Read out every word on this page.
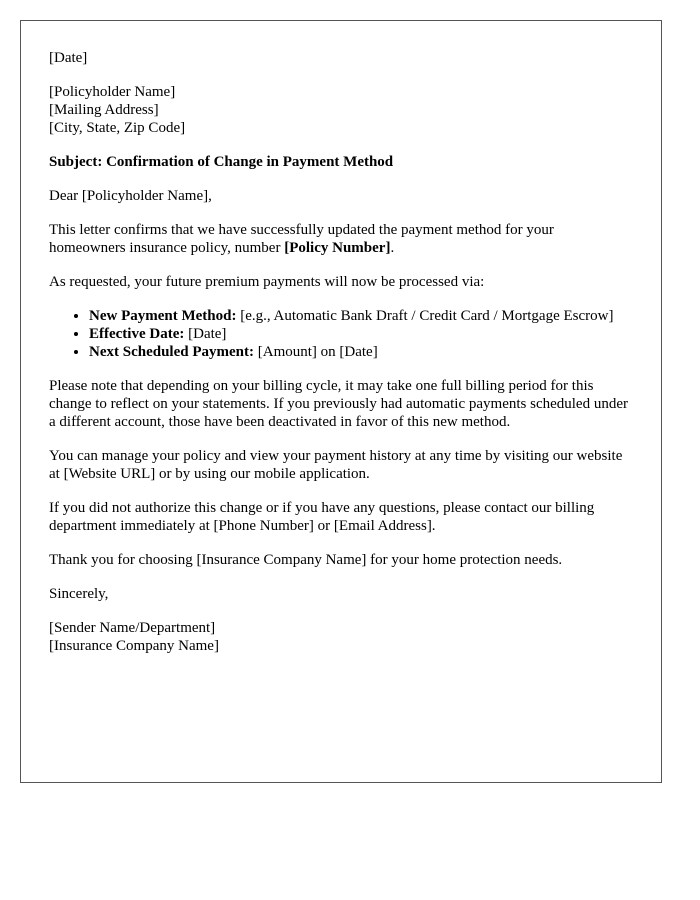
[Date]

[Policyholder Name]
[Mailing Address]
[City, State, Zip Code]

Subject: Confirmation of Change in Payment Method

Dear [Policyholder Name],

This letter confirms that we have successfully updated the payment method for your homeowners insurance policy, number [Policy Number].

As requested, your future premium payments will now be processed via:

• New Payment Method: [e.g., Automatic Bank Draft / Credit Card / Mortgage Escrow]
• Effective Date: [Date]
• Next Scheduled Payment: [Amount] on [Date]

Please note that depending on your billing cycle, it may take one full billing period for this change to reflect on your statements. If you previously had automatic payments scheduled under a different account, those have been deactivated in favor of this new method.

You can manage your policy and view your payment history at any time by visiting our website at [Website URL] or by using our mobile application.

If you did not authorize this change or if you have any questions, please contact our billing department immediately at [Phone Number] or [Email Address].

Thank you for choosing [Insurance Company Name] for your home protection needs.

Sincerely,

[Sender Name/Department]
[Insurance Company Name]
